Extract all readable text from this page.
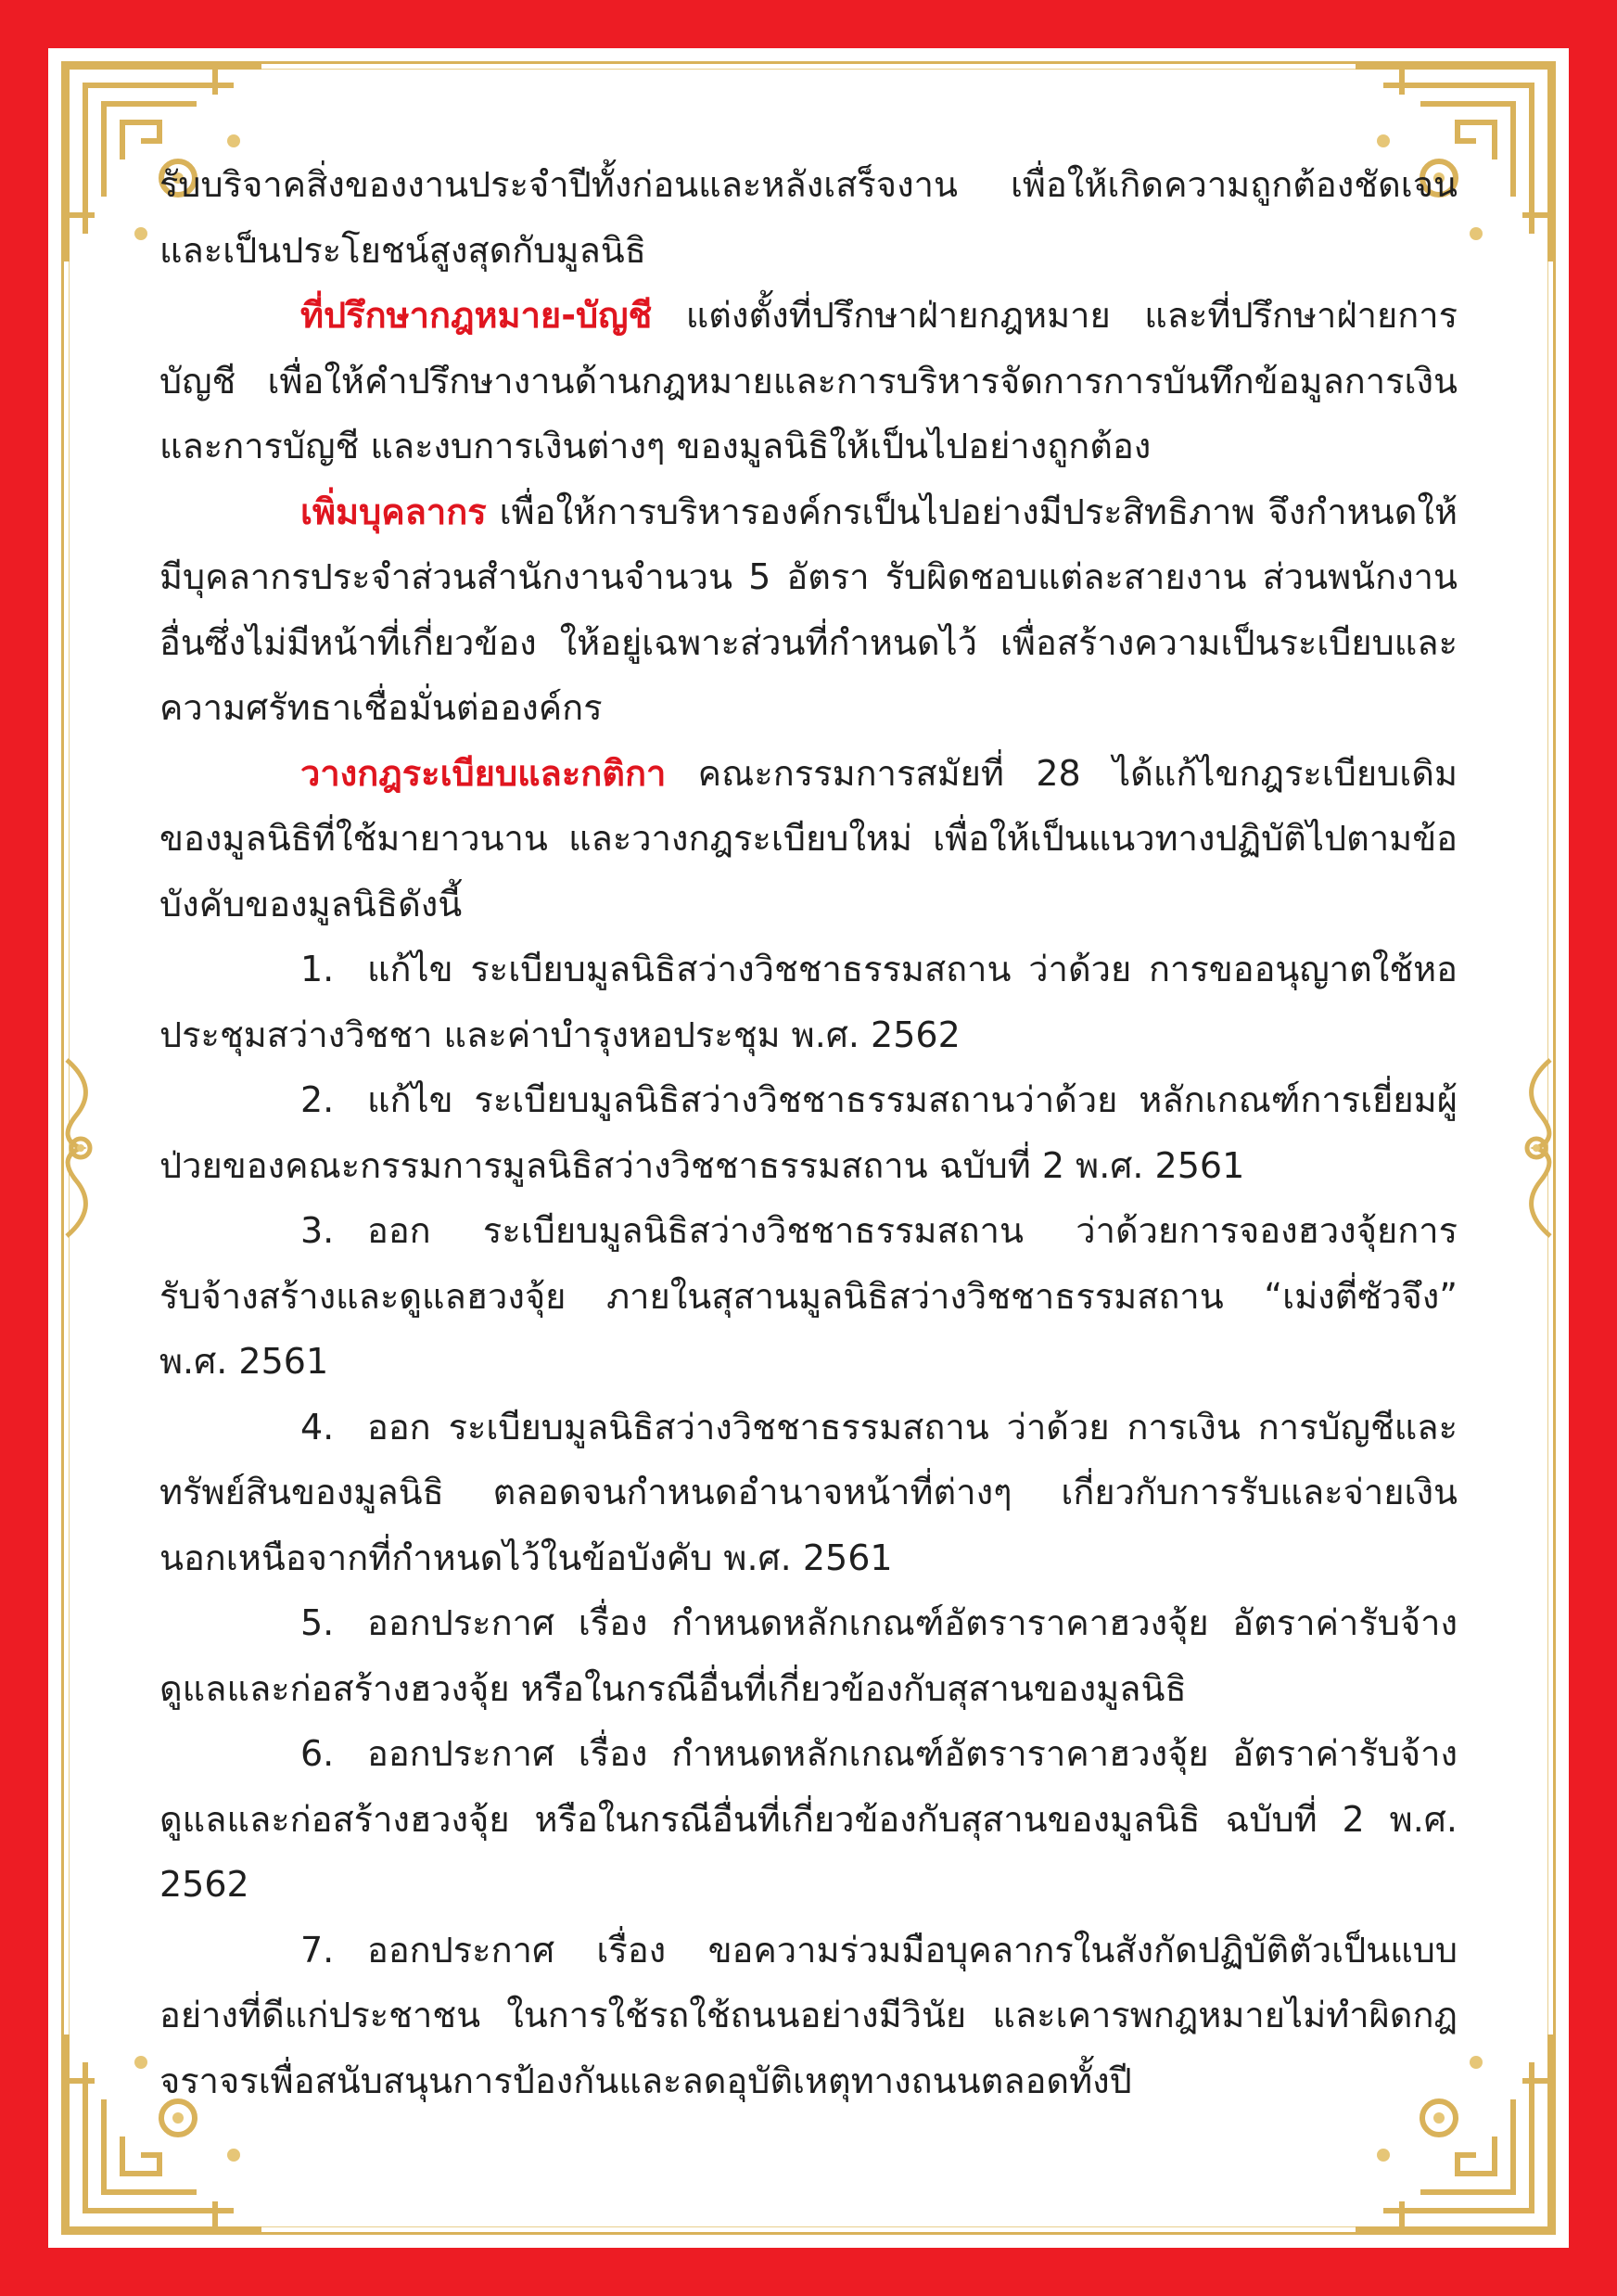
รับบริจาคสิ่งของงานประจำปีทั้งก่อนและหลังเสร็จงาน เพื่อให้เกิดความถูกต้องชัดเจนและเป็นประโยชน์สูงสุดกับมูลนิธิ

ที่ปรึกษากฎหมาย-บัญชี แต่งตั้งที่ปรึกษาฝ่ายกฎหมาย และที่ปรึกษาฝ่ายการบัญชี เพื่อให้คำปรึกษางานด้านกฎหมายและการบริหารจัดการการบันทึกข้อมูลการเงินและการบัญชี และงบการเงินต่างๆ ของมูลนิธิให้เป็นไปอย่างถูกต้อง

เพิ่มบุคลากร เพื่อให้การบริหารองค์กรเป็นไปอย่างมีประสิทธิภาพ จึงกำหนดให้มีบุคลากรประจำส่วนสำนักงานจำนวน 5 อัตรา รับผิดชอบแต่ละสายงาน ส่วนพนักงานอื่นซึ่งไม่มีหน้าที่เกี่ยวข้อง ให้อยู่เฉพาะส่วนที่กำหนดไว้ เพื่อสร้างความเป็นระเบียบและความศรัทธาเชื่อมั่นต่อองค์กร

วางกฎระเบียบและกติกา คณะกรรมการสมัยที่ 28 ได้แก้ไขกฎระเบียบเดิมของมูลนิธิที่ใช้มายาวนาน และวางกฎระเบียบใหม่ เพื่อให้เป็นแนวทางปฏิบัติไปตามข้อบังคับของมูลนิธิดังนี้

1. แก้ไข ระเบียบมูลนิธิสว่างวิชชาธรรมสถาน ว่าด้วย การขออนุญาตใช้หอประชุมสว่างวิชชา และค่าบำรุงหอประชุม พ.ศ. 2562

2. แก้ไข ระเบียบมูลนิธิสว่างวิชชาธรรมสถานว่าด้วย หลักเกณฑ์การเยี่ยมผู้ป่วยของคณะกรรมการมูลนิธิสว่างวิชชาธรรมสถาน ฉบับที่ 2 พ.ศ. 2561

3. ออก ระเบียบมูลนิธิสว่างวิชชาธรรมสถาน ว่าด้วยการจองฮวงจุ้ยการรับจ้างสร้างและดูแลฮวงจุ้ย ภายในสุสานมูลนิธิสว่างวิชชาธรรมสถาน “เม่งตี่ซัวจึง” พ.ศ. 2561

4. ออก ระเบียบมูลนิธิสว่างวิชชาธรรมสถาน ว่าด้วย การเงิน การบัญชีและทรัพย์สินของมูลนิธิ ตลอดจนกำหนดอำนาจหน้าที่ต่างๆ เกี่ยวกับการรับและจ่ายเงิน นอกเหนือจากที่กำหนดไว้ในข้อบังคับ พ.ศ. 2561

5. ออกประกาศ เรื่อง กำหนดหลักเกณฑ์อัตราราคาฮวงจุ้ย อัตราค่ารับจ้าง ดูแลและก่อสร้างฮวงจุ้ย หรือในกรณีอื่นที่เกี่ยวข้องกับสุสานของมูลนิธิ

6. ออกประกาศ เรื่อง กำหนดหลักเกณฑ์อัตราราคาฮวงจุ้ย อัตราค่ารับจ้าง ดูแลและก่อสร้างฮวงจุ้ย หรือในกรณีอื่นที่เกี่ยวข้องกับสุสานของมูลนิธิ ฉบับที่ 2 พ.ศ. 2562

7. ออกประกาศ เรื่อง ขอความร่วมมือบุคลากรในสังกัดปฏิบัติตัวเป็นแบบอย่างที่ดีแก่ประชาชน ในการใช้รถใช้ถนนอย่างมีวินัย และเคารพกฎหมายไม่ทำผิดกฎจราจรเพื่อสนับสนุนการป้องกันและลดอุบัติเหตุทางถนนตลอดทั้งปี
